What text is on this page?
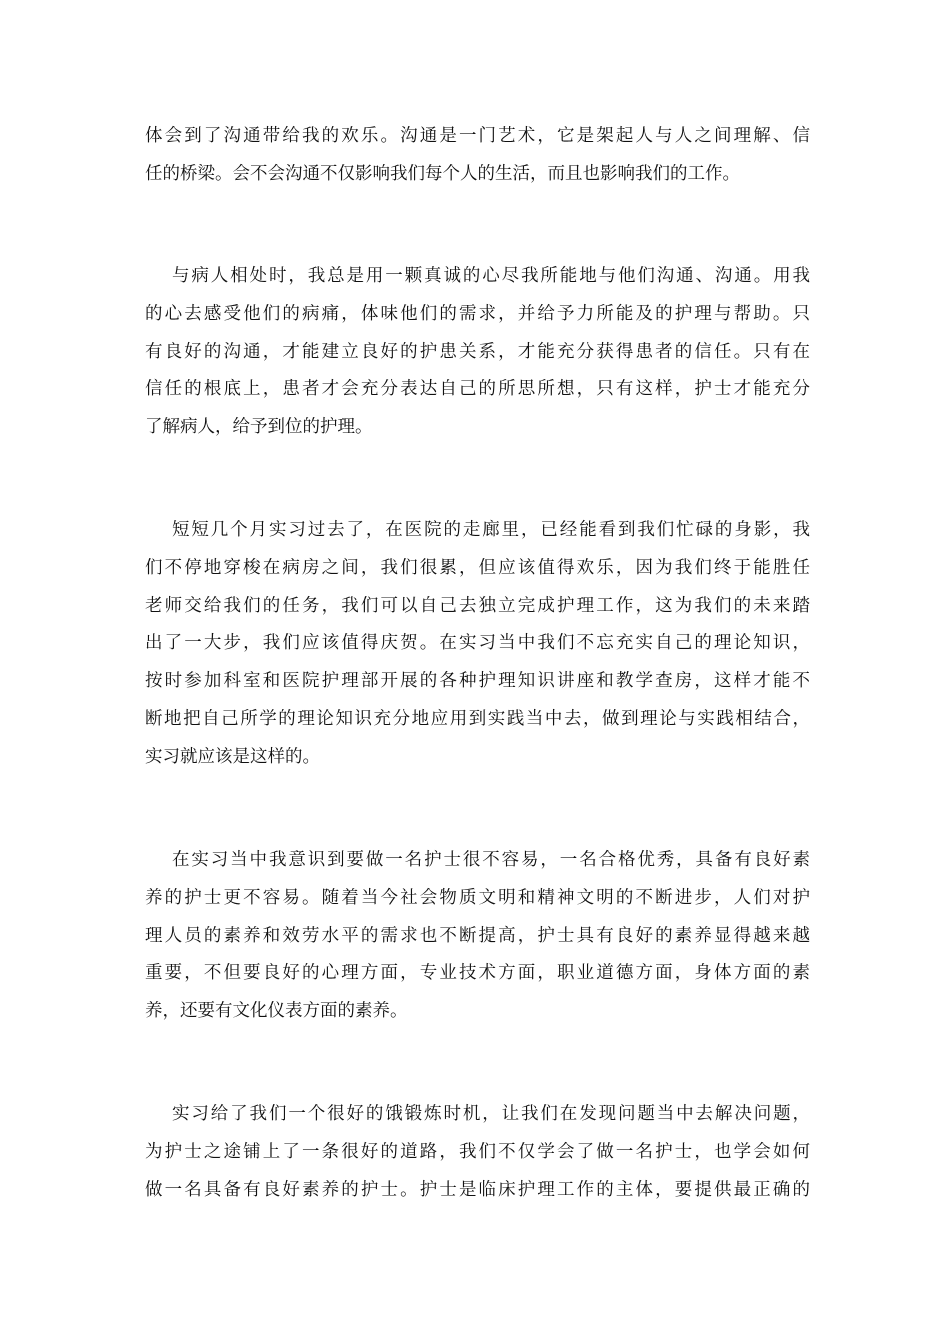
体会到了沟通带给我的欢乐。沟通是一门艺术，它是架起人与人之间理解、信
任的桥梁。会不会沟通不仅影响我们每个人的生活，而且也影响我们的工作。

与病人相处时，我总是用一颗真诚的心尽我所能地与他们沟通、沟通。用我
的心去感受他们的病痛，体味他们的需求，并给予力所能及的护理与帮助。只
有良好的沟通，才能建立良好的护患关系，才能充分获得患者的信任。只有在
信任的根底上，患者才会充分表达自己的所思所想，只有这样，护士才能充分
了解病人，给予到位的护理。

短短几个月实习过去了，在医院的走廊里，已经能看到我们忙碌的身影，我
们不停地穿梭在病房之间，我们很累，但应该值得欢乐，因为我们终于能胜任
老师交给我们的任务，我们可以自己去独立完成护理工作，这为我们的未来踏
出了一大步，我们应该值得庆贺。在实习当中我们不忘充实自己的理论知识，
按时参加科室和医院护理部开展的各种护理知识讲座和教学查房，这样才能不
断地把自己所学的理论知识充分地应用到实践当中去，做到理论与实践相结合，
实习就应该是这样的。

在实习当中我意识到要做一名护士很不容易，一名合格优秀，具备有良好素
养的护士更不容易。随着当今社会物质文明和精神文明的不断进步，人们对护
理人员的素养和效劳水平的需求也不断提高，护士具有良好的素养显得越来越
重要，不但要良好的心理方面，专业技术方面，职业道德方面，身体方面的素
养，还要有文化仪表方面的素养。

实习给了我们一个很好的饿锻炼时机，让我们在发现问题当中去解决问题，
为护士之途铺上了一条很好的道路，我们不仅学会了做一名护士，也学会如何
做一名具备有良好素养的护士。护士是临床护理工作的主体，要提供最正确的
